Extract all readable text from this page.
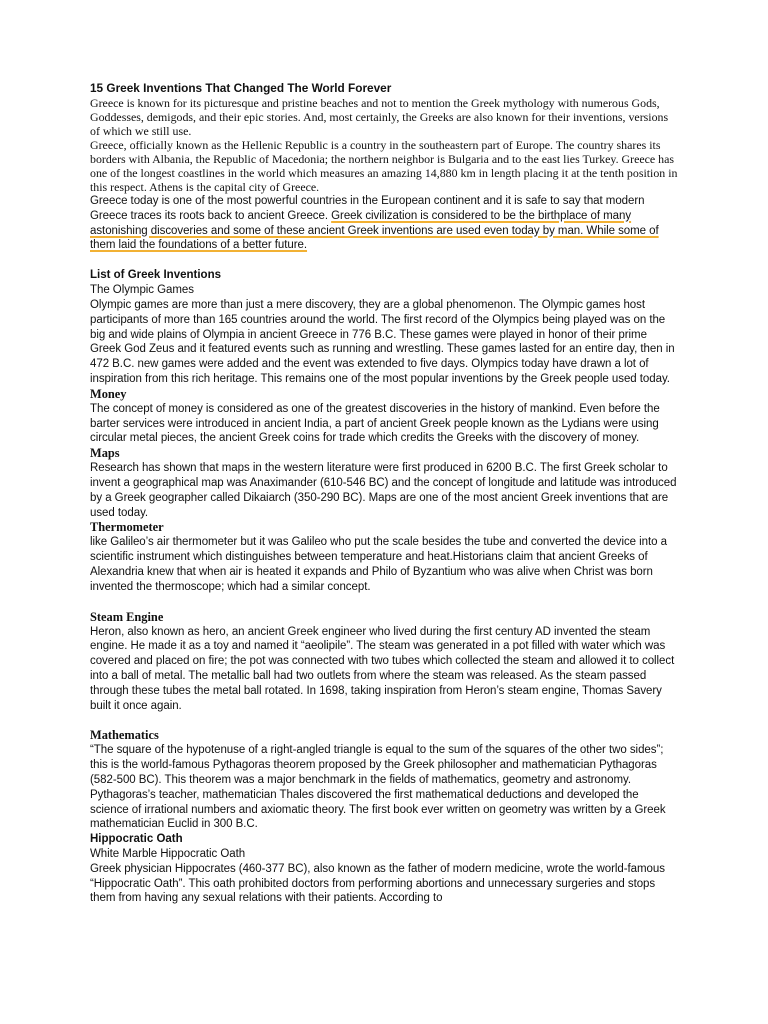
15 Greek Inventions That Changed The World Forever

Greece is known for its picturesque and pristine beaches and not to mention the Greek mythology with numerous Gods, Goddesses, demigods, and their epic stories. And, most certainly, the Greeks are also known for their inventions, versions of which we still use.

Greece, officially known as the Hellenic Republic is a country in the southeastern part of Europe. The country shares its borders with Albania, the Republic of Macedonia; the northern neighbor is Bulgaria and to the east lies Turkey. Greece has one of the longest coastlines in the world which measures an amazing 14,880 km in length placing it at the tenth position in this respect. Athens is the capital city of Greece.

Greece today is one of the most powerful countries in the European continent and it is safe to say that modern Greece traces its roots back to ancient Greece. Greek civilization is considered to be the birthplace of many astonishing discoveries and some of these ancient Greek inventions are used even today by man. While some of them laid the foundations of a better future.

List of Greek Inventions

The Olympic Games

Olympic games are more than just a mere discovery, they are a global phenomenon. The Olympic games host participants of more than 165 countries around the world. The first record of the Olympics being played was on the big and wide plains of Olympia in ancient Greece in 776 B.C. These games were played in honor of their prime Greek God Zeus and it featured events such as running and wrestling. These games lasted for an entire day, then in 472 B.C. new games were added and the event was extended to five days. Olympics today have drawn a lot of inspiration from this rich heritage. This remains one of the most popular inventions by the Greek people used today.

Money

The concept of money is considered as one of the greatest discoveries in the history of mankind. Even before the barter services were introduced in ancient India, a part of ancient Greek people known as the Lydians were using circular metal pieces, the ancient Greek coins for trade which credits the Greeks with the discovery of money.

Maps

Research has shown that maps in the western literature were first produced in 6200 B.C. The first Greek scholar to invent a geographical map was Anaximander (610-546 BC) and the concept of longitude and latitude was introduced by a Greek geographer called Dikaiarch (350-290 BC). Maps are one of the most ancient Greek inventions that are used today.

Thermometer

like Galileo’s air thermometer but it was Galileo who put the scale besides the tube and converted the device into a scientific instrument which distinguishes between temperature and heat.Historians claim that ancient Greeks of Alexandria knew that when air is heated it expands and Philo of Byzantium who was alive when Christ was born invented the thermoscope; which had a similar concept.

Steam Engine

Heron, also known as hero, an ancient Greek engineer who lived during the first century AD invented the steam engine. He made it as a toy and named it “aeolipile”. The steam was generated in a pot filled with water which was covered and placed on fire; the pot was connected with two tubes which collected the steam and allowed it to collect into a ball of metal. The metallic ball had two outlets from where the steam was released. As the steam passed through these tubes the metal ball rotated. In 1698, taking inspiration from Heron’s steam engine, Thomas Savery built it once again.

Mathematics

“The square of the hypotenuse of a right-angled triangle is equal to the sum of the squares of the other two sides”; this is the world-famous Pythagoras theorem proposed by the Greek philosopher and mathematician Pythagoras (582-500 BC). This theorem was a major benchmark in the fields of mathematics, geometry and astronomy. Pythagoras’s teacher, mathematician Thales discovered the first mathematical deductions and developed the science of irrational numbers and axiomatic theory. The first book ever written on geometry was written by a Greek mathematician Euclid in 300 B.C.

Hippocratic Oath

White Marble Hippocratic Oath

Greek physician Hippocrates (460-377 BC), also known as the father of modern medicine, wrote the world-famous “Hippocratic Oath”. This oath prohibited doctors from performing abortions and unnecessary surgeries and stops them from having any sexual relations with their patients. According to
